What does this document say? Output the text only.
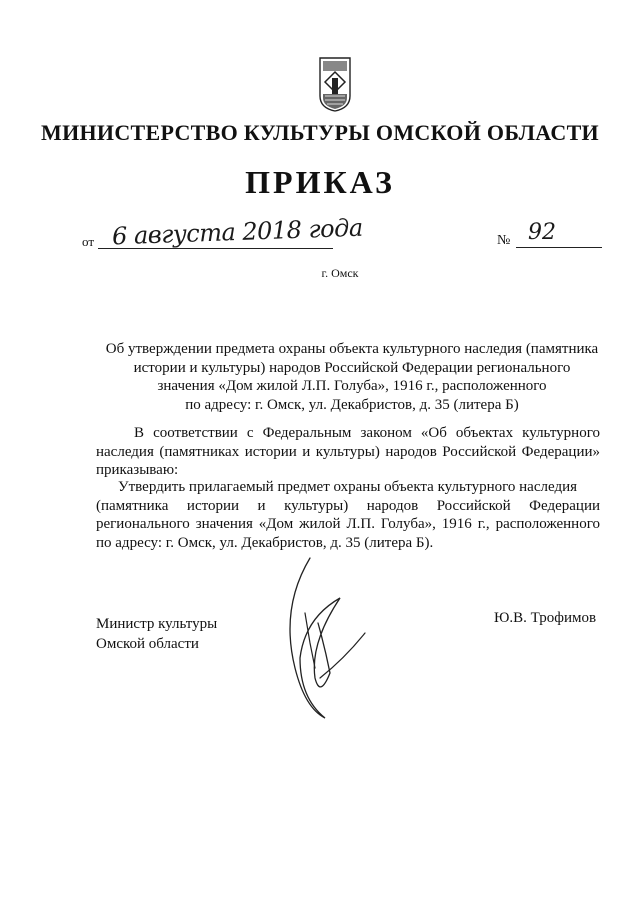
МИНИСТЕРСТВО КУЛЬТУРЫ ОМСКОЙ ОБЛАСТИ
ПРИКАЗ
от 6 августа 2018 года	№ 92
г. Омск
Об утверждении предмета охраны объекта культурного наследия (памятника
истории и культуры) народов Российской Федерации регионального
значения «Дом жилой Л.П. Голуба», 1916 г., расположенного
по адресу: г. Омск, ул. Декабристов, д. 35 (литера Б)
В соответствии с Федеральным законом «Об объектах культурного наследия (памятниках истории и культуры) народов Российской Федерации» приказываю:
Утвердить прилагаемый предмет охраны объекта культурного наследия
(памятника истории и культуры) народов Российской Федерации регионального значения «Дом жилой Л.П. Голуба», 1916 г., расположенного по адресу: г. Омск, ул. Декабристов, д. 35 (литера Б).
Министр культуры
Омской области
Ю.В. Трофимов
